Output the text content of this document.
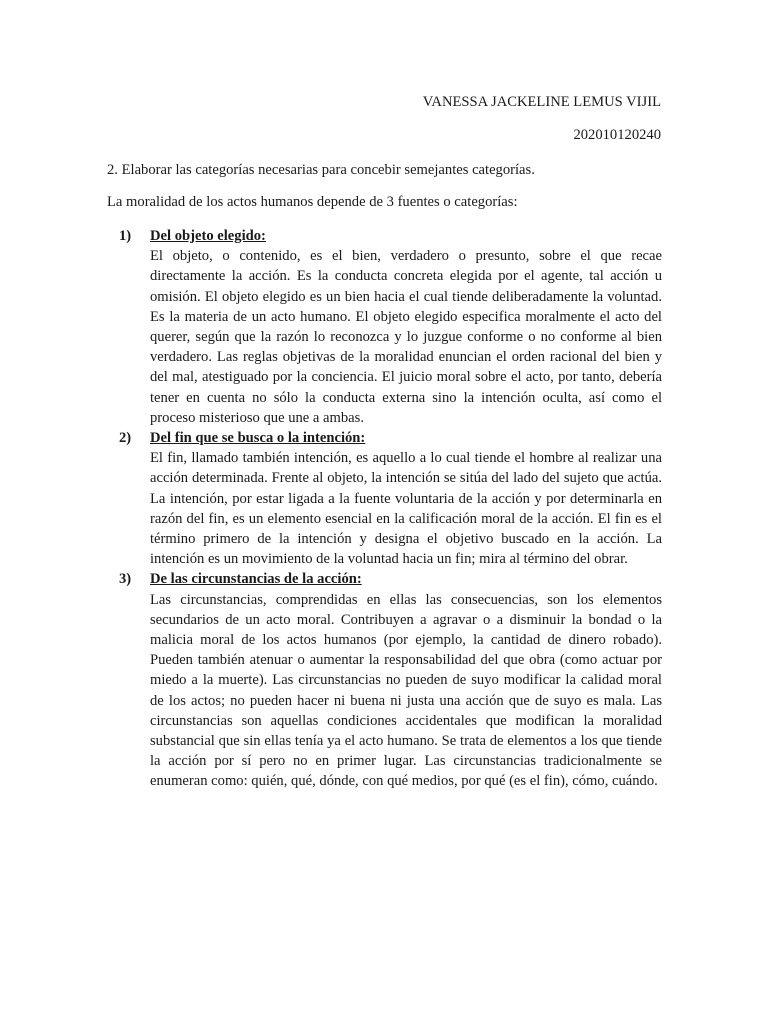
VANESSA JACKELINE LEMUS VIJIL
202010120240
2. Elaborar las categorías necesarias para concebir semejantes categorías.
La moralidad de los actos humanos depende de 3 fuentes o categorías:
1) Del objeto elegido:

El objeto, o contenido, es el bien, verdadero o presunto, sobre el que recae directamente la acción. Es la conducta concreta elegida por el agente, tal acción u omisión. El objeto elegido es un bien hacia el cual tiende deliberadamente la voluntad. Es la materia de un acto humano. El objeto elegido especifica moralmente el acto del querer, según que la razón lo reconozca y lo juzgue conforme o no conforme al bien verdadero. Las reglas objetivas de la moralidad enuncian el orden racional del bien y del mal, atestiguado por la conciencia. El juicio moral sobre el acto, por tanto, debería tener en cuenta no sólo la conducta externa sino la intención oculta, así como el proceso misterioso que une a ambas.

2) Del fin que se busca o la intención:

El fin, llamado también intención, es aquello a lo cual tiende el hombre al realizar una acción determinada. Frente al objeto, la intención se sitúa del lado del sujeto que actúa. La intención, por estar ligada a la fuente voluntaria de la acción y por determinarla en razón del fin, es un elemento esencial en la calificación moral de la acción. El fin es el término primero de la intención y designa el objetivo buscado en la acción. La intención es un movimiento de la voluntad hacia un fin; mira al término del obrar.

3) De las circunstancias de la acción:

Las circunstancias, comprendidas en ellas las consecuencias, son los elementos secundarios de un acto moral. Contribuyen a agravar o a disminuir la bondad o la malicia moral de los actos humanos (por ejemplo, la cantidad de dinero robado). Pueden también atenuar o aumentar la responsabilidad del que obra (como actuar por miedo a la muerte). Las circunstancias no pueden de suyo modificar la calidad moral de los actos; no pueden hacer ni buena ni justa una acción que de suyo es mala. Las circunstancias son aquellas condiciones accidentales que modifican la moralidad substancial que sin ellas tenía ya el acto humano. Se trata de elementos a los que tiende la acción por sí pero no en primer lugar. Las circunstancias tradicionalmente se enumeran como: quién, qué, dónde, con qué medios, por qué (es el fin), cómo, cuándo.
